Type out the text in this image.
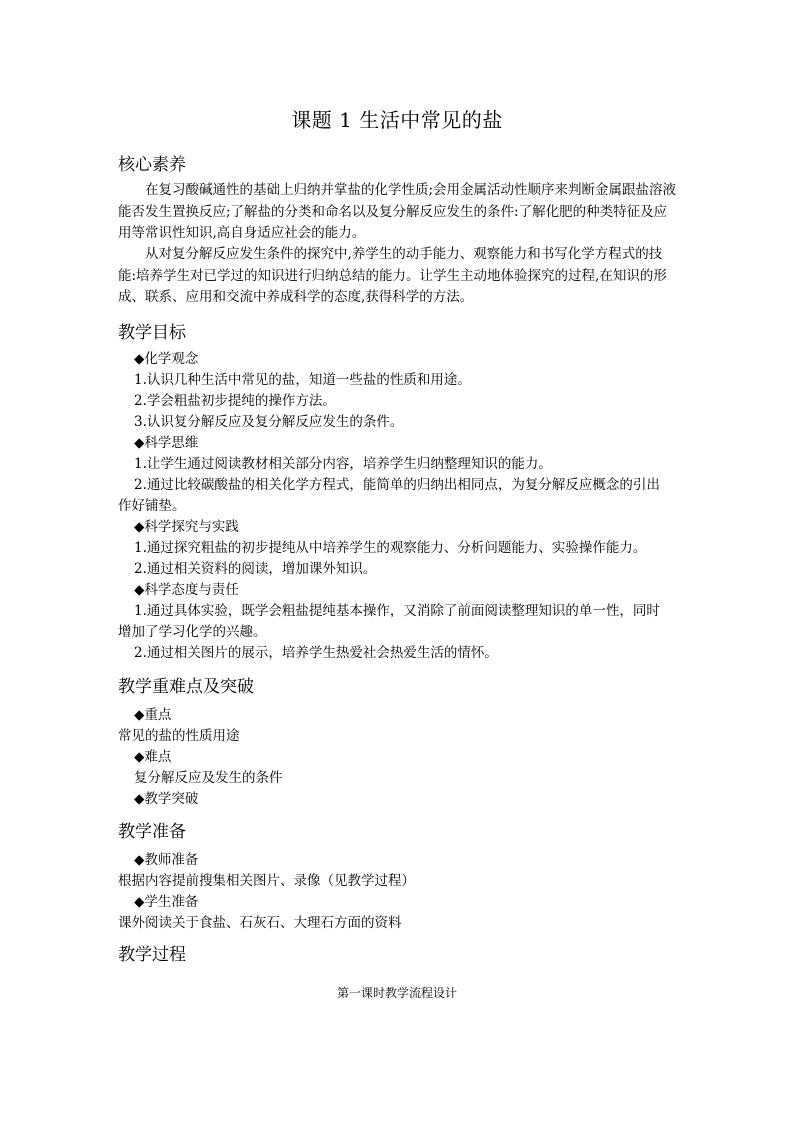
课题 1 生活中常见的盐
核心素养

　　在复习酸碱通性的基础上归纳并掌盐的化学性质;会用金属活动性顺序来判断金属跟盐溶液能否发生置换反应;了解盐的分类和命名以及复分解反应发生的条件:了解化肥的种类特征及应用等常识性知识,高自身适应社会的能力。

　　从对复分解反应发生条件的探究中,养学生的动手能力、观察能力和书写化学方程式的技能:培养学生对已学过的知识进行归纳总结的能力。让学生主动地体验探究的过程,在知识的形成、联系、应用和交流中养成科学的态度,获得科学的方法。

教学目标
◆化学观念
1.认识几种生活中常见的盐，知道一些盐的性质和用途。
2.学会粗盐初步提纯的操作方法。
3.认识复分解反应及复分解反应发生的条件。
◆科学思维
1.让学生通过阅读教材相关部分内容，培养学生归纳整理知识的能力。
2.通过比较碳酸盐的相关化学方程式，能简单的归纳出相同点，为复分解反应概念的引出
作好铺垫。
◆科学探究与实践
1.通过探究粗盐的初步提纯从中培养学生的观察能力、分析问题能力、实验操作能力。
2.通过相关资料的阅读，增加课外知识。
◆科学态度与责任
1.通过具体实验，既学会粗盐提纯基本操作，又消除了前面阅读整理知识的单一性，同时
增加了学习化学的兴趣。
2.通过相关图片的展示，培养学生热爱社会热爱生活的情怀。
教学重难点及突破
◆重点
常见的盐的性质用途
◆难点
复分解反应及发生的条件
◆教学突破
教学准备
◆教师准备
根据内容提前搜集相关图片、录像（见教学过程）
◆学生准备
课外阅读关于食盐、石灰石、大理石方面的资料
教学过程
第一课时教学流程设计
